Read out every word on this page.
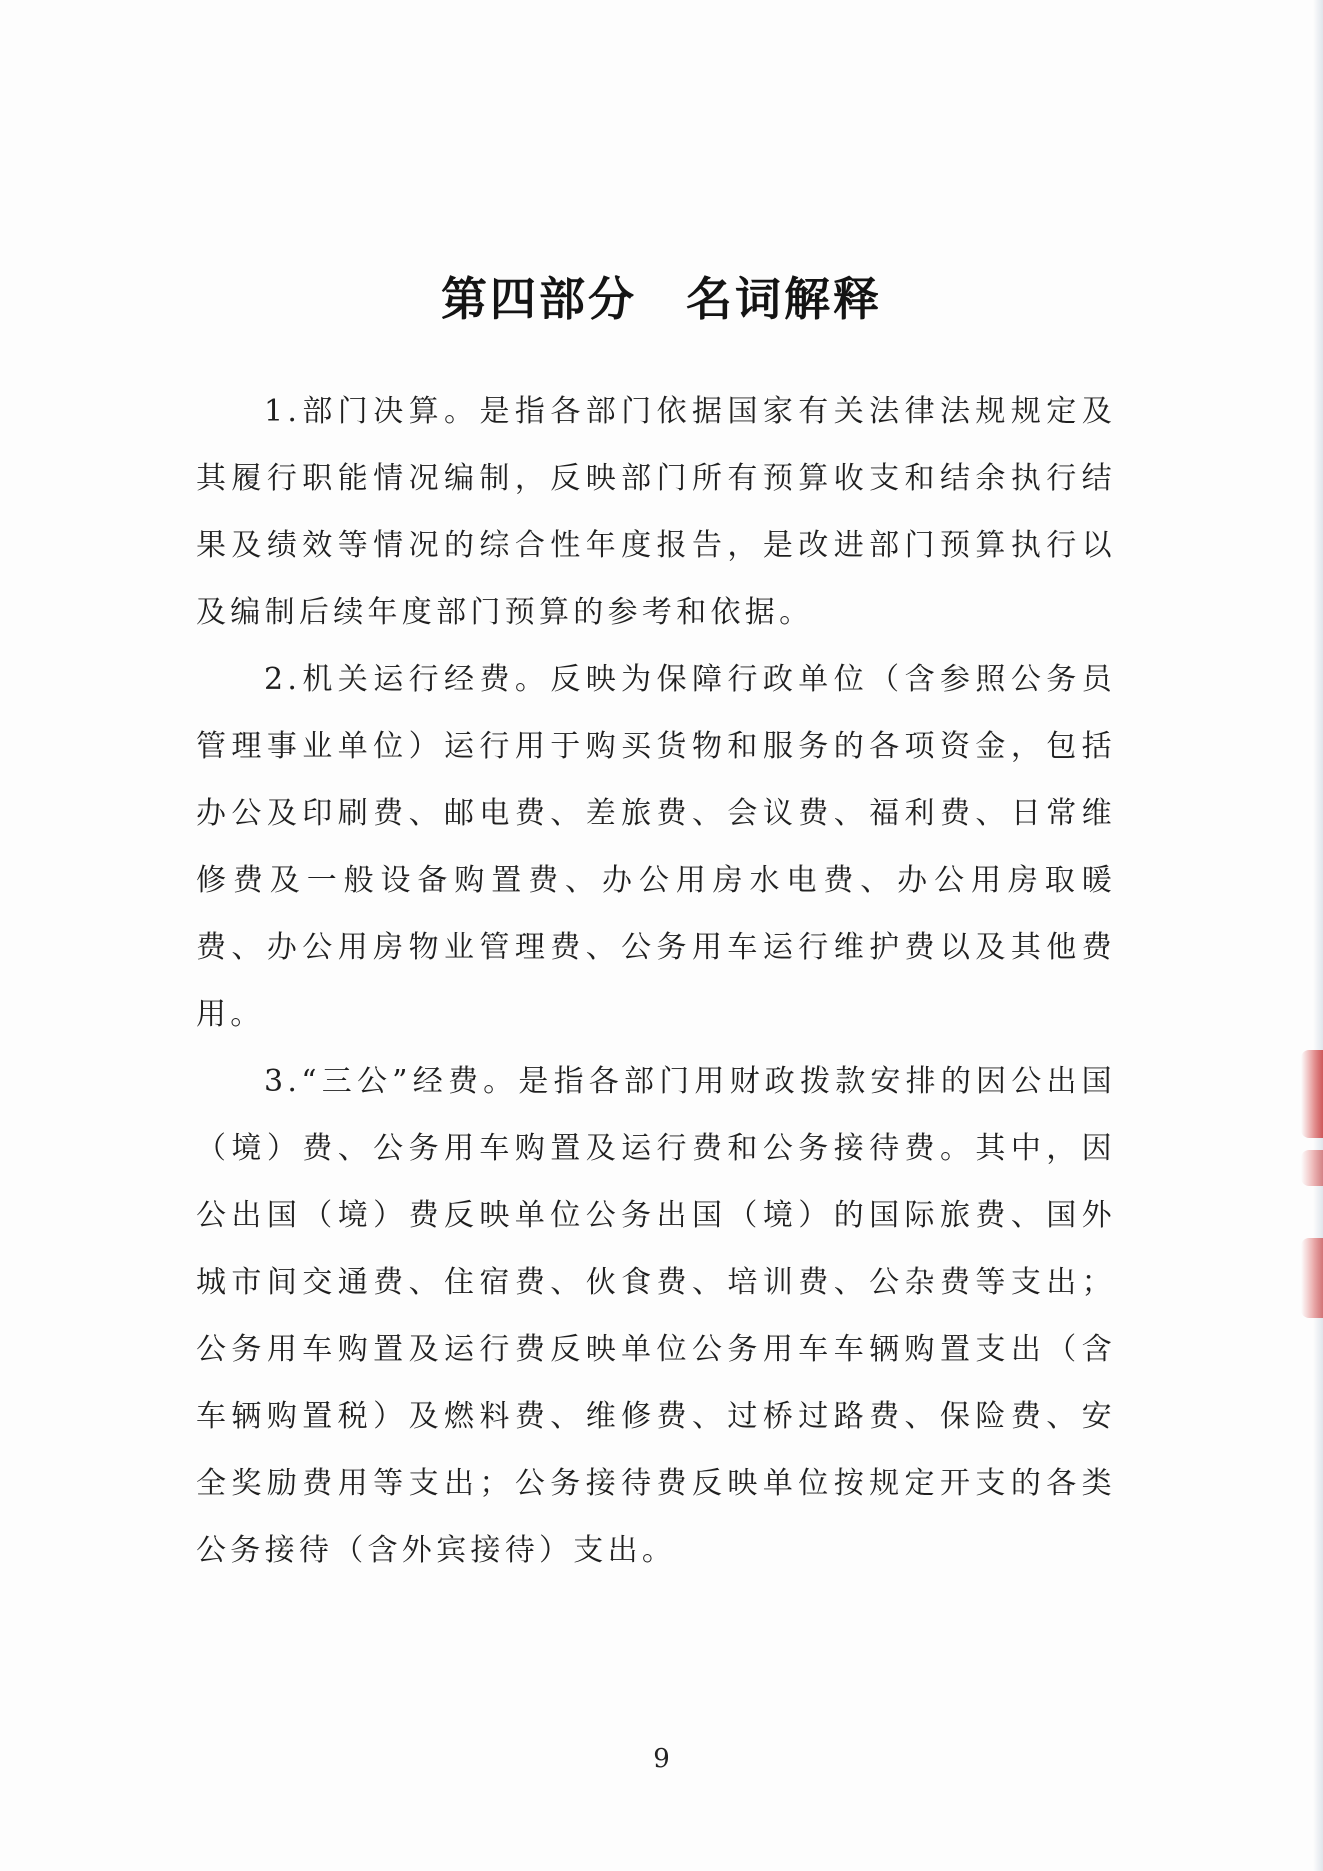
第四部分　名词解释

1.部门决算。是指各部门依据国家有关法律法规规定及其履行职能情况编制，反映部门所有预算收支和结余执行结果及绩效等情况的综合性年度报告，是改进部门预算执行以及编制后续年度部门预算的参考和依据。

2.机关运行经费。反映为保障行政单位（含参照公务员管理事业单位）运行用于购买货物和服务的各项资金，包括办公及印刷费、邮电费、差旅费、会议费、福利费、日常维修费及一般设备购置费、办公用房水电费、办公用房取暖费、办公用房物业管理费、公务用车运行维护费以及其他费用。

3.“三公”经费。是指各部门用财政拨款安排的因公出国（境）费、公务用车购置及运行费和公务接待费。其中，因公出国（境）费反映单位公务出国（境）的国际旅费、国外城市间交通费、住宿费、伙食费、培训费、公杂费等支出；公务用车购置及运行费反映单位公务用车车辆购置支出（含车辆购置税）及燃料费、维修费、过桥过路费、保险费、安全奖励费用等支出；公务接待费反映单位按规定开支的各类公务接待（含外宾接待）支出。

9
